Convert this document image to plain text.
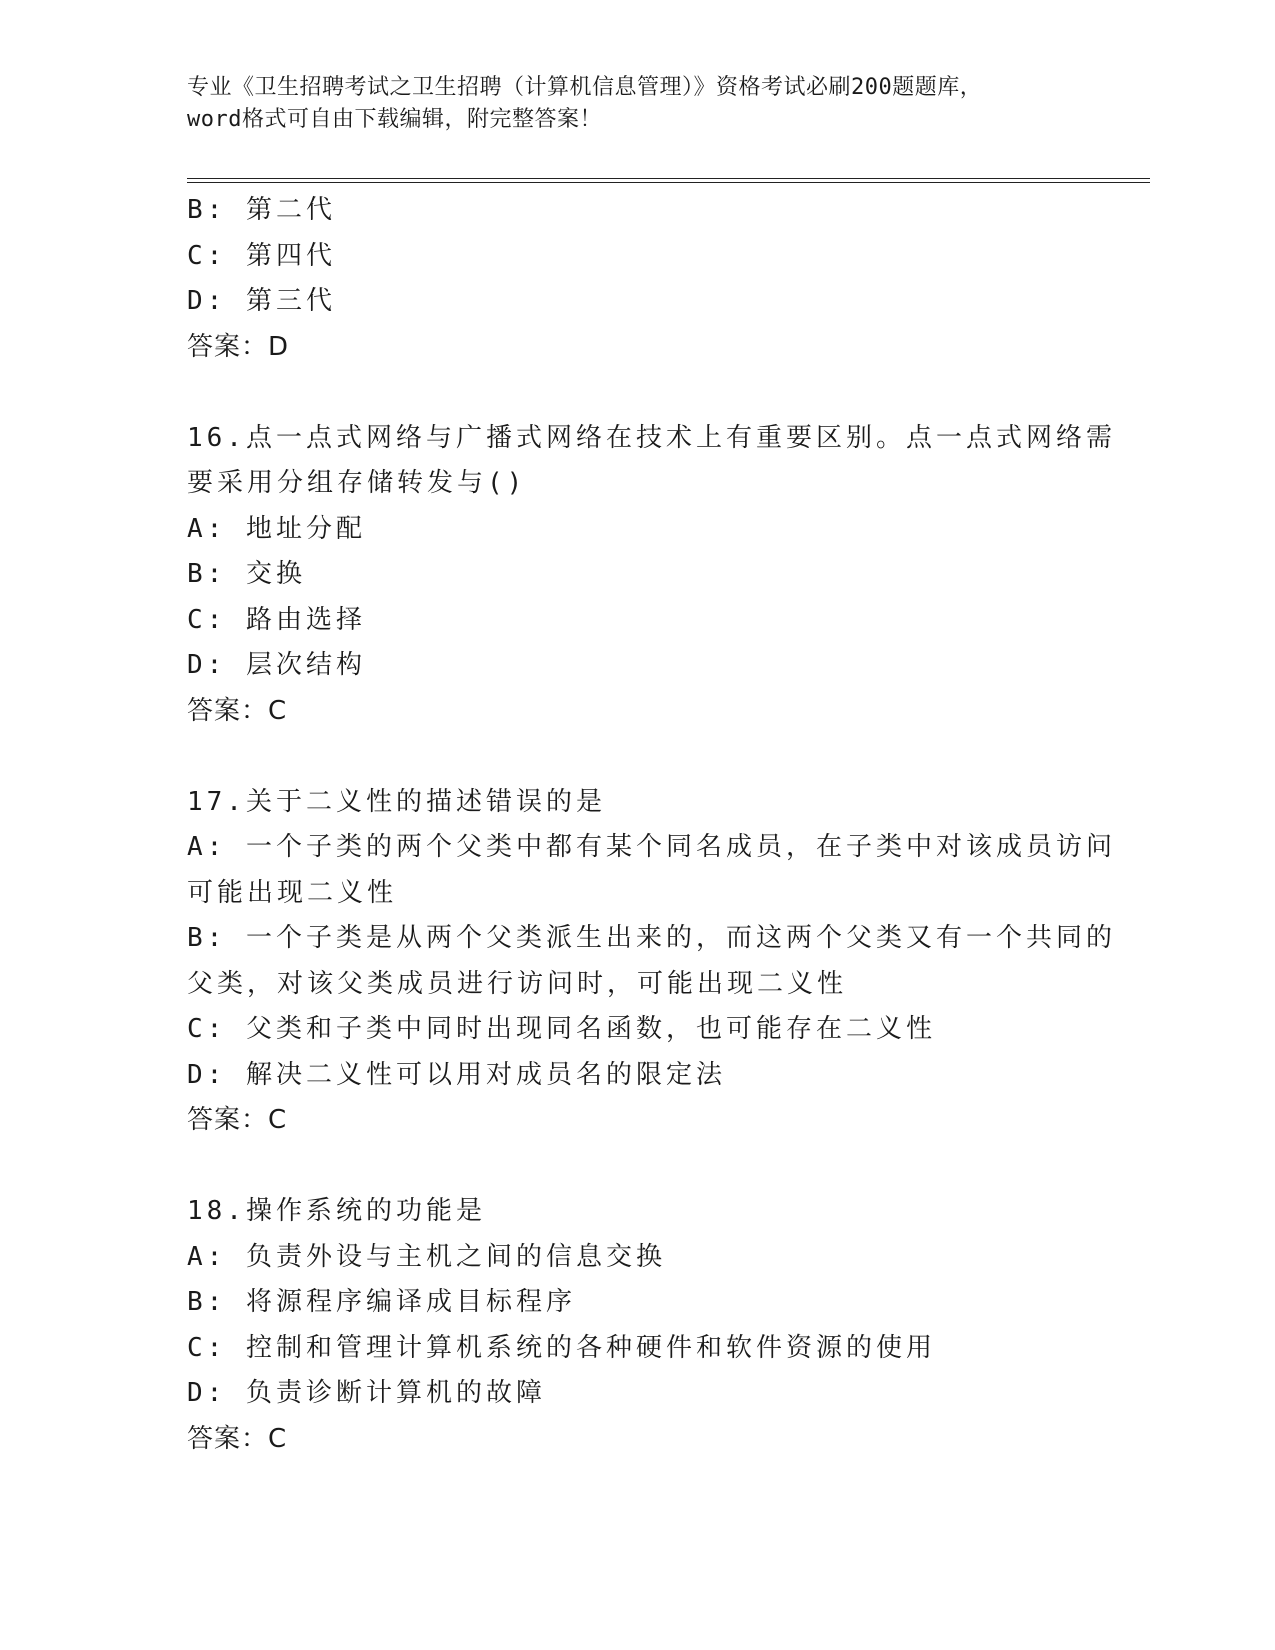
专业《卫生招聘考试之卫生招聘（计算机信息管理）》资格考试必刷200题题库，
word格式可自由下载编辑，附完整答案！
B: 第二代
C: 第四代
D: 第三代
答案：D
16.点一点式网络与广播式网络在技术上有重要区别。点一点式网络需
要采用分组存储转发与()
A: 地址分配
B: 交换
C: 路由选择
D: 层次结构
答案：C
17.关于二义性的描述错误的是
A: 一个子类的两个父类中都有某个同名成员，在子类中对该成员访问
可能出现二义性
B: 一个子类是从两个父类派生出来的，而这两个父类又有一个共同的
父类，对该父类成员进行访问时，可能出现二义性
C: 父类和子类中同时出现同名函数，也可能存在二义性
D: 解决二义性可以用对成员名的限定法
答案：C
18.操作系统的功能是
A: 负责外设与主机之间的信息交换
B: 将源程序编译成目标程序
C: 控制和管理计算机系统的各种硬件和软件资源的使用
D: 负责诊断计算机的故障
答案：C
